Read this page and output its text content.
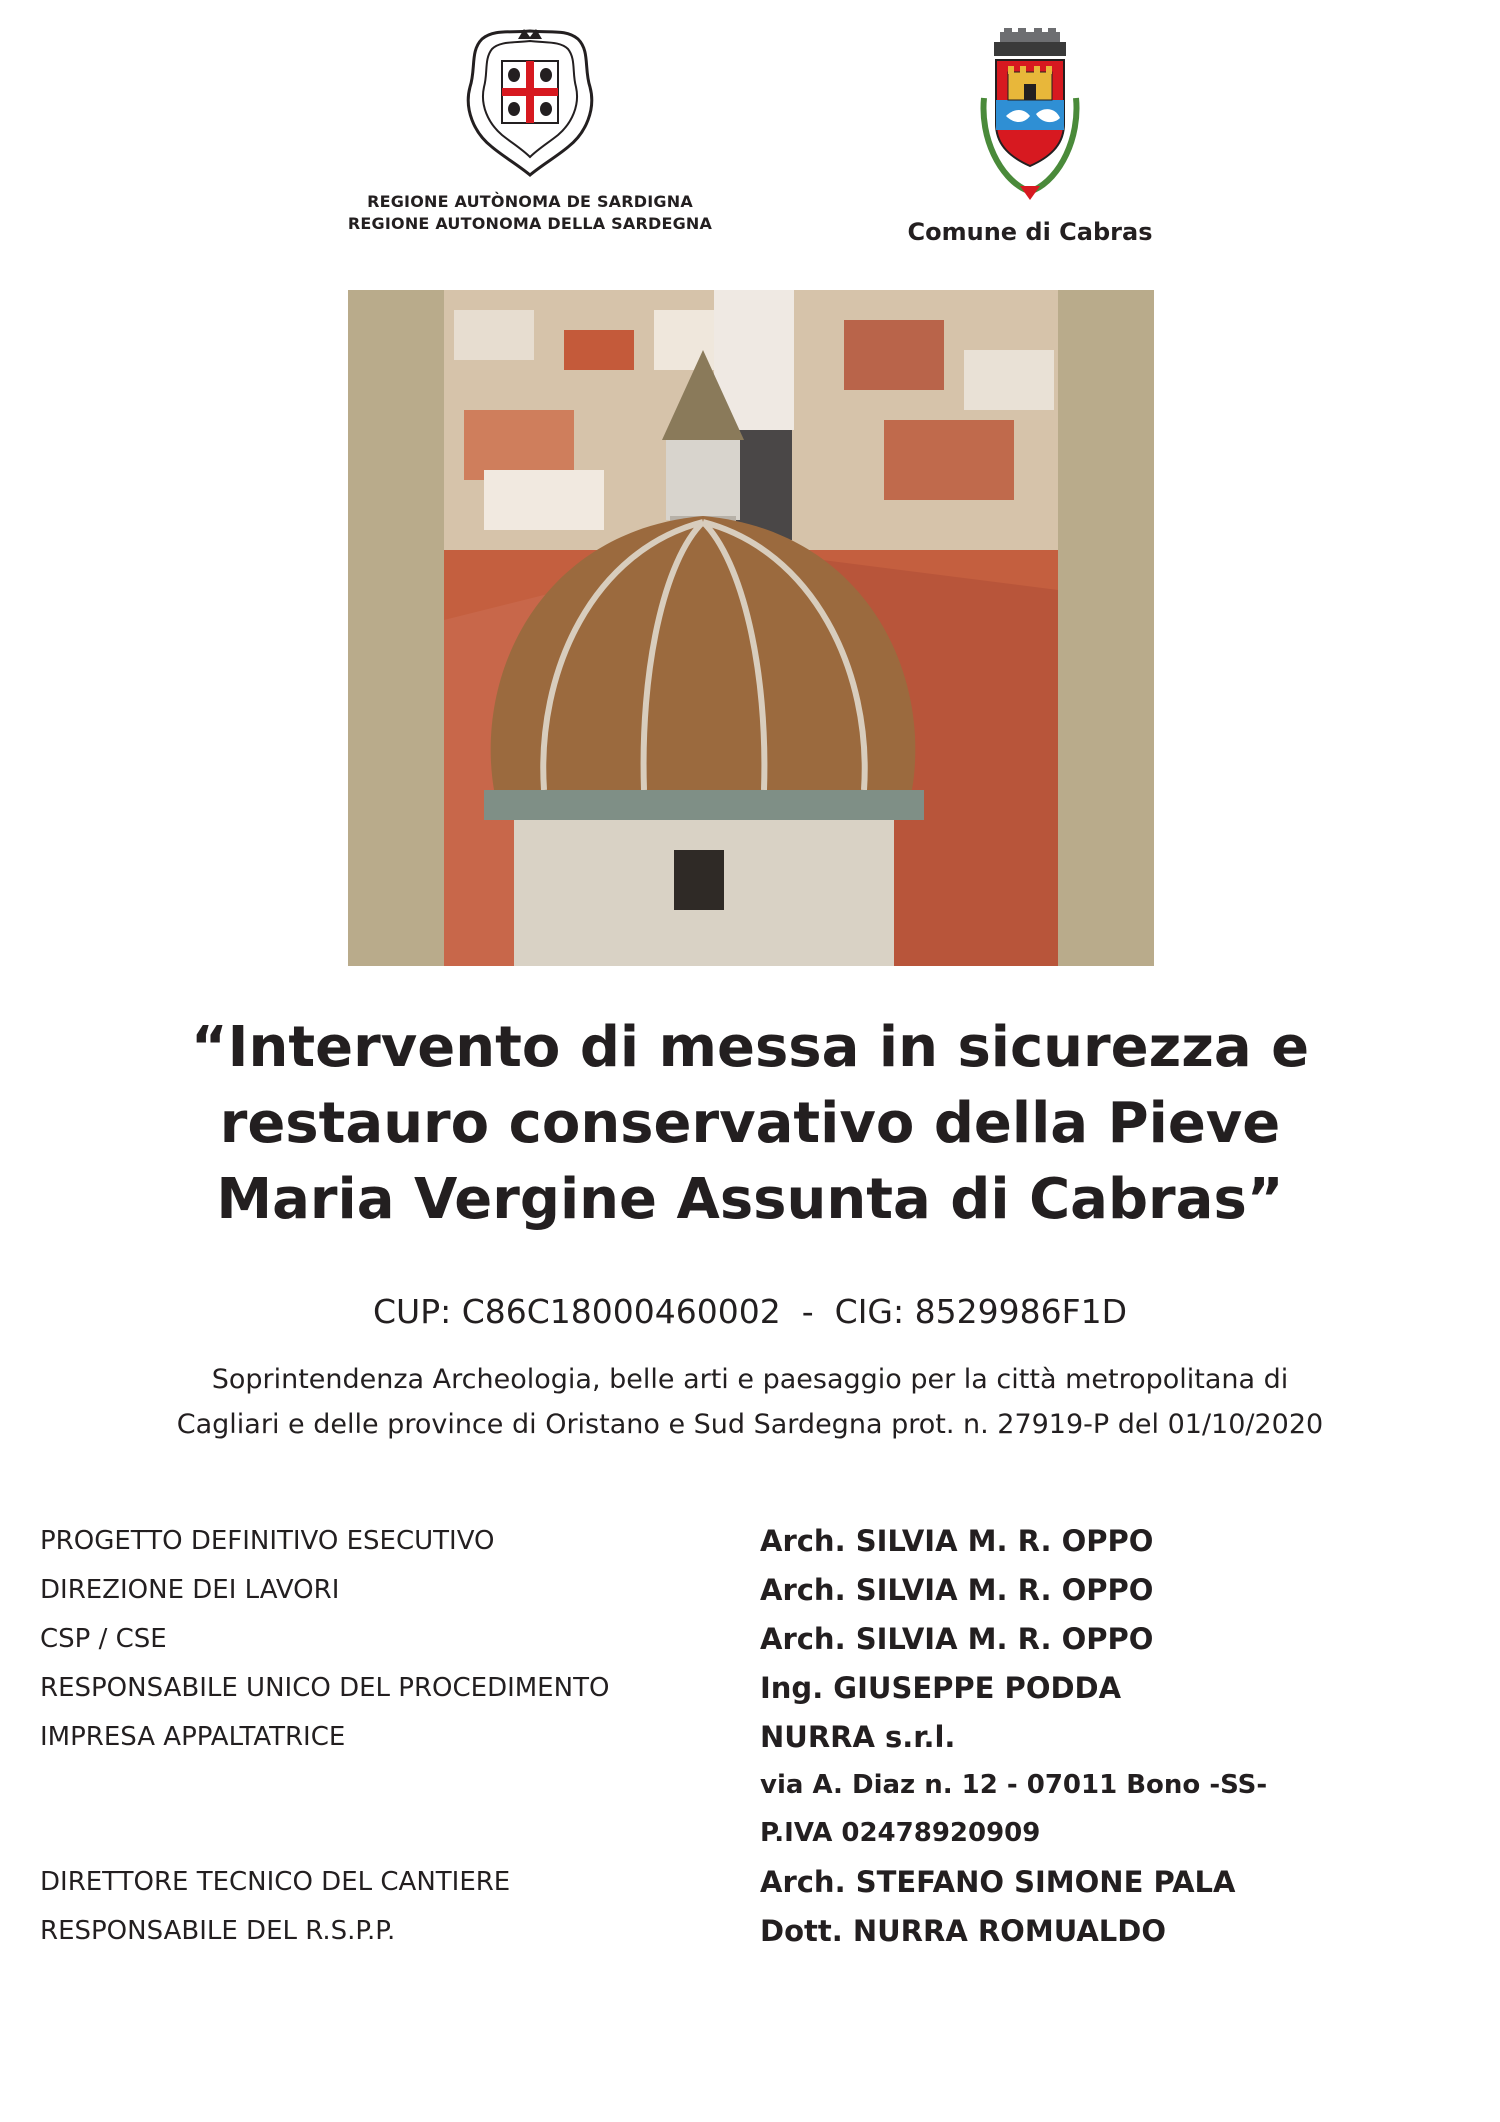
REGIONE AUTÒNOMA DE SARDIGNA
REGIONE AUTONOMA DELLA SARDEGNA	Comune di Cabras
“Intervento di messa in sicurezza e
restauro conservativo della Pieve
Maria Vergine Assunta di Cabras”
CUP: C86C18000460002 - CIG: 8529986F1D
Soprintendenza Archeologia, belle arti e paesaggio per la città metropolitana di
Cagliari e delle province di Oristano e Sud Sardegna prot. n. 27919-P del 01/10/2020
PROGETTO DEFINITIVO ESECUTIVO	Arch. SILVIA M. R. OPPO
DIREZIONE DEI LAVORI	Arch. SILVIA M. R. OPPO
CSP / CSE	Arch. SILVIA M. R. OPPO
RESPONSABILE UNICO DEL PROCEDIMENTO	Ing. GIUSEPPE PODDA
IMPRESA APPALTATRICE	NURRA s.r.l.
via A. Diaz n. 12 - 07011 Bono -SS-
P.IVA 02478920909
DIRETTORE TECNICO DEL CANTIERE	Arch. STEFANO SIMONE PALA
RESPONSABILE DEL R.S.P.P.	Dott. NURRA ROMUALDO
